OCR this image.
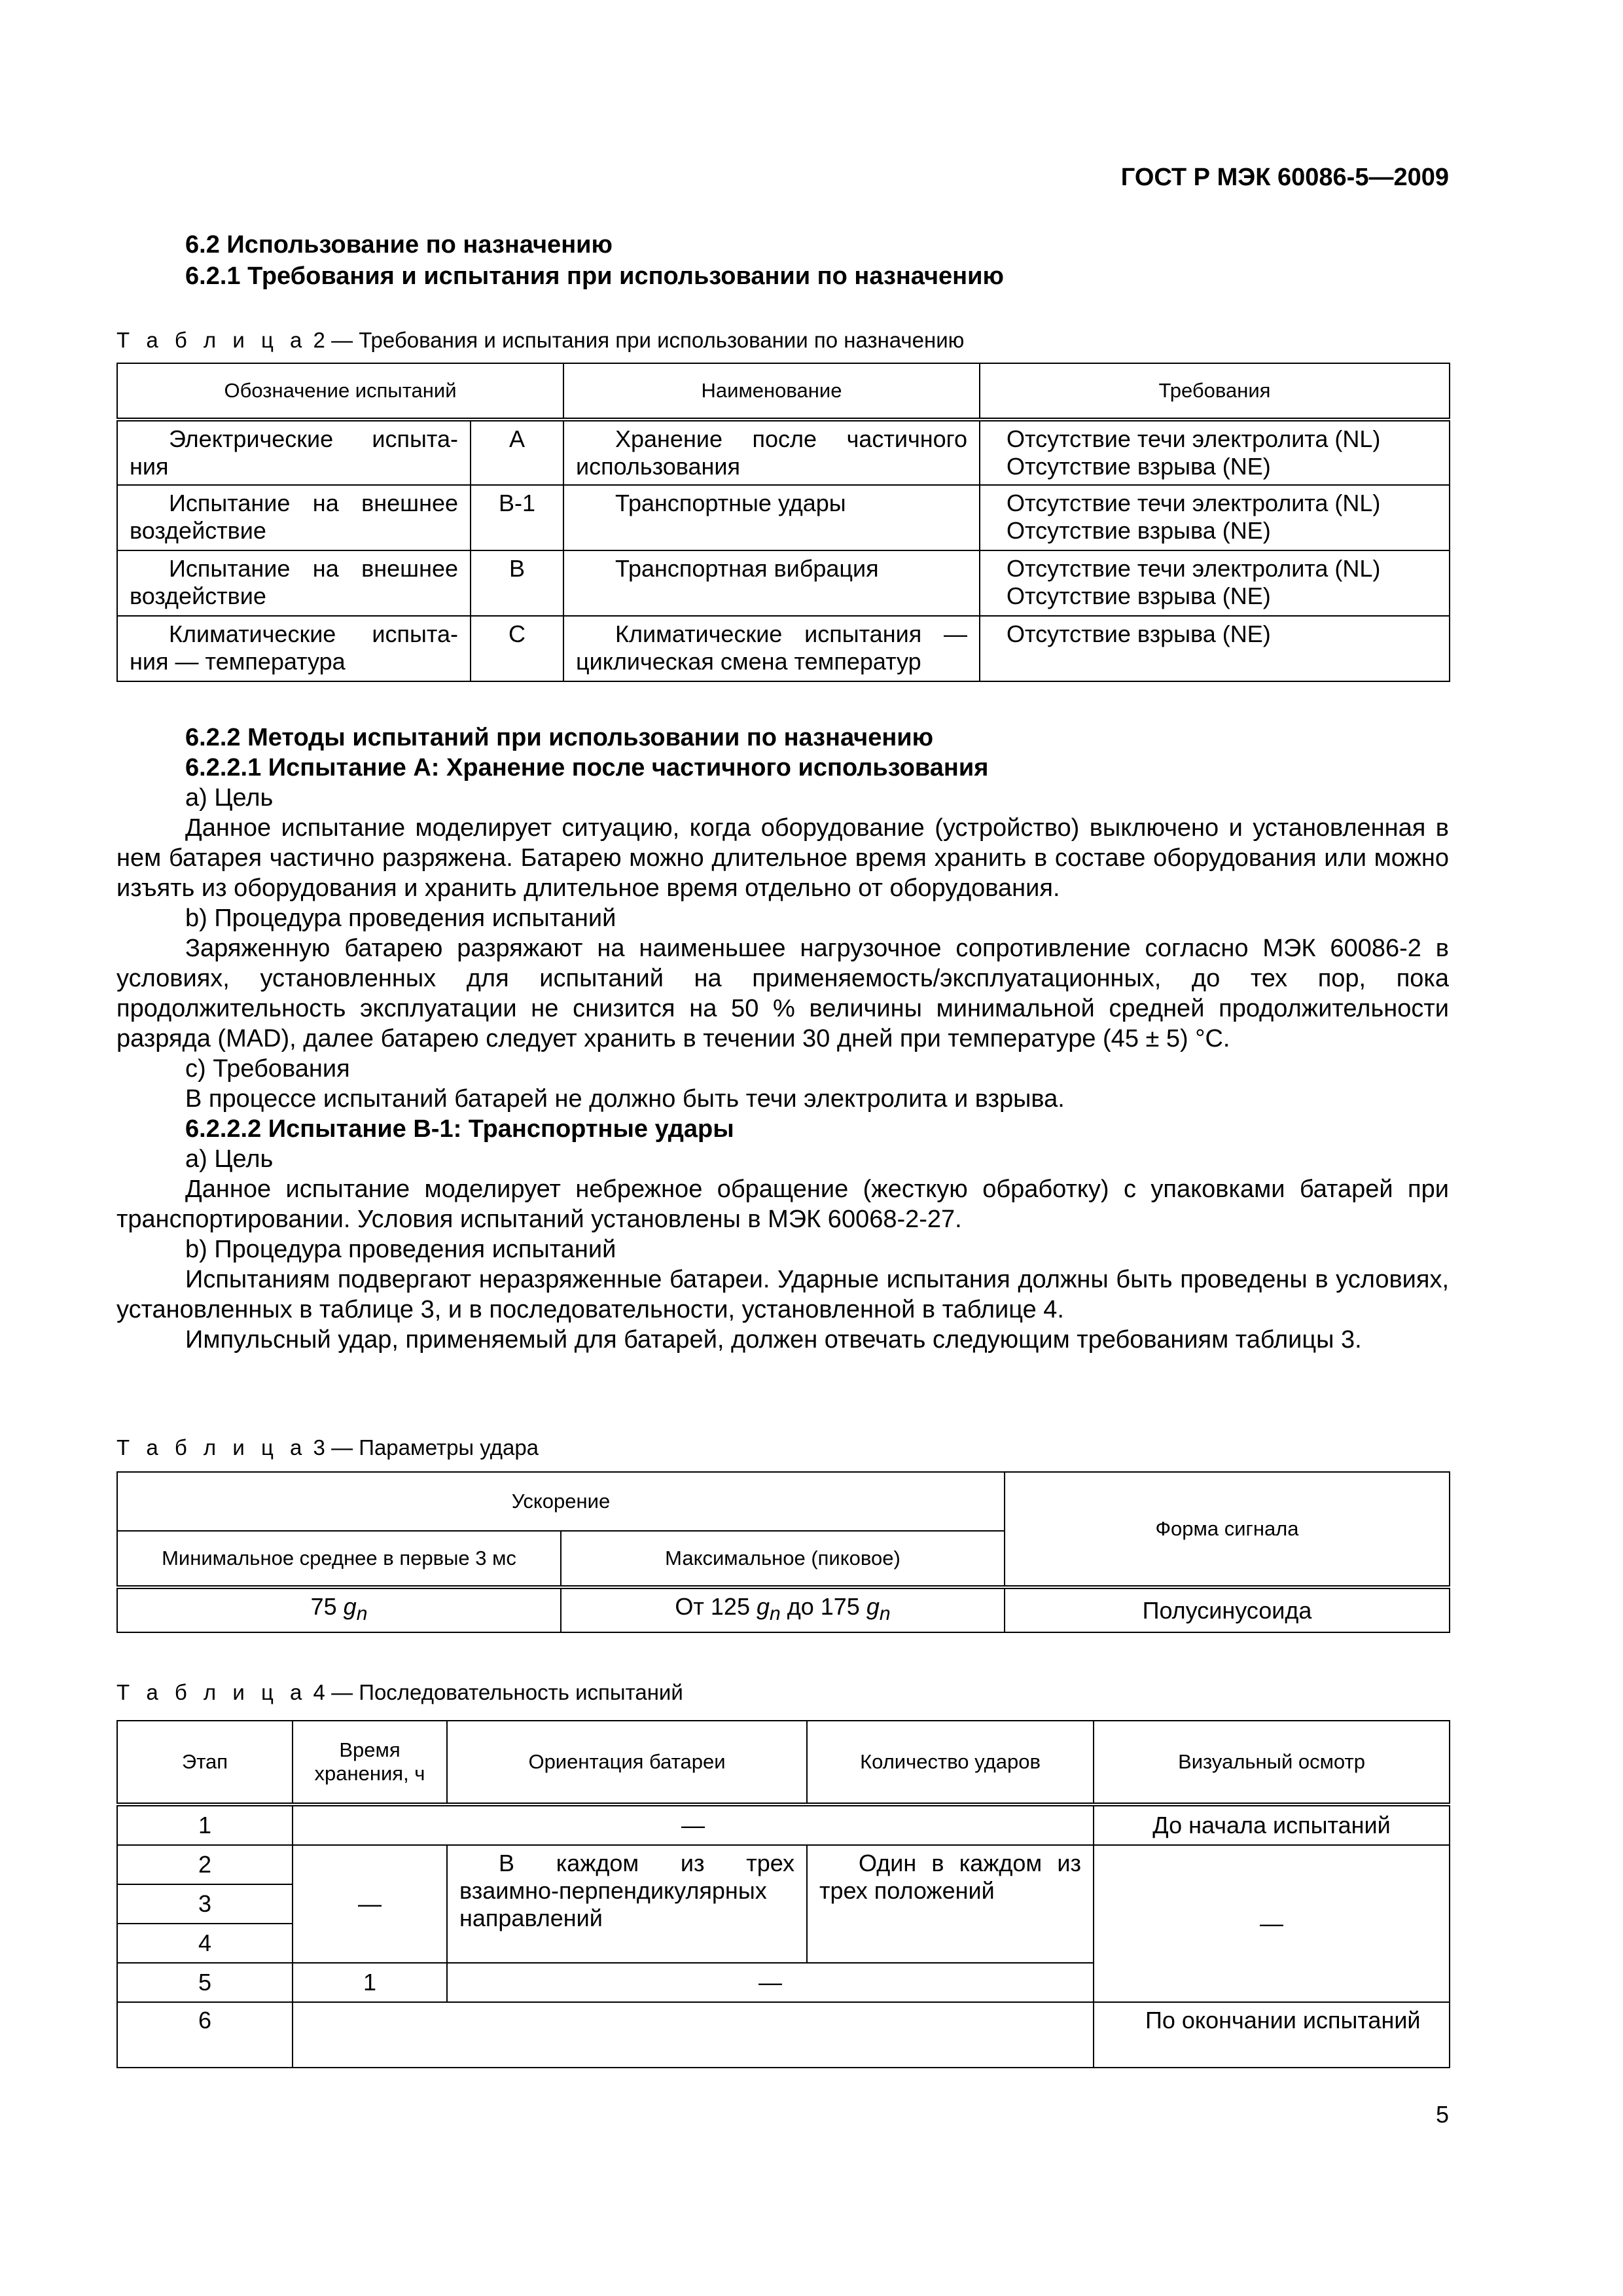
ГОСТ Р МЭК 60086-5—2009
6.2 Использование по назначению
6.2.1 Требования и испытания при использовании по назначению
Т а б л и ц а 2 — Требования и испытания при использовании по назначению
Обозначение испытаний		Наименование	Требования
Электрические испыта-ния	A	Хранение после частичного использования	Отсутствие течи электролита (NL)
Отсутствие взрыва (NE)

Испытание на внешнее воздействие	B-1	Транспортные удары	Отсутствие течи электролита (NL)
Отсутствие взрыва (NE)

Испытание на внешнее воздействие	B	Транспортная вибрация	Отсутствие течи электролита (NL)
Отсутствие взрыва (NE)

Климатические испыта-ния — температура	C	Климатические испытания — циклическая смена температур	Отсутствие взрыва (NE)
6.2.2 Методы испытаний при использовании по назначению
6.2.2.1 Испытание А: Хранение после частичного использования

а) Цель

Данное испытание моделирует ситуацию, когда оборудование (устройство) выключено и установленная в нем батарея частично разряжена. Батарею можно длительное время хранить в составе оборудования или можно изъять из оборудования и хранить длительное время отдельно от оборудования.

b) Процедура проведения испытаний

Заряженную батарею разряжают на наименьшее нагрузочное сопротивление согласно МЭК 60086-2 в условиях, установленных для испытаний на применяемость/эксплуатационных, до тех пор, пока продолжительность эксплуатации не снизится на 50 % величины минимальной средней продолжительности разряда (MAD), далее батарею следует хранить в течении 30 дней при температуре (45 ± 5) °С.

с) Требования

В процессе испытаний батарей не должно быть течи электролита и взрыва.

6.2.2.2 Испытание В-1: Транспортные удары

а) Цель

Данное испытание моделирует небрежное обращение (жесткую обработку) с упаковками батарей при транспортировании. Условия испытаний установлены в МЭК 60068-2-27.

b) Процедура проведения испытаний

Испытаниям подвергают неразряженные батареи. Ударные испытания должны быть проведены в условиях, установленных в таблице 3, и в последовательности, установленной в таблице 4.

Импульсный удар, применяемый для батарей, должен отвечать следующим требованиям таблицы 3.

Т а б л и ц а 3 — Параметры удара
Ускорение		Форма сигнала
Минимальное среднее в первые 3 мс	Максимальное (пиковое)	
75 $g_n$	От 125 $g_n$ до 175 $g_n$	Полусинусоида
Т а б л и ц а 4 — Последовательность испытаний
Этап	Время хранения, ч	Ориентация батареи	Количество ударов	Визуальный осмотр
1	—			До начала испытаний
2	—	В каждом из трех взаимно-перпендикулярных направлений	Один в каждом из трех положений	—
3				
4				
5	1	—		
6				По окончании испытаний
5
